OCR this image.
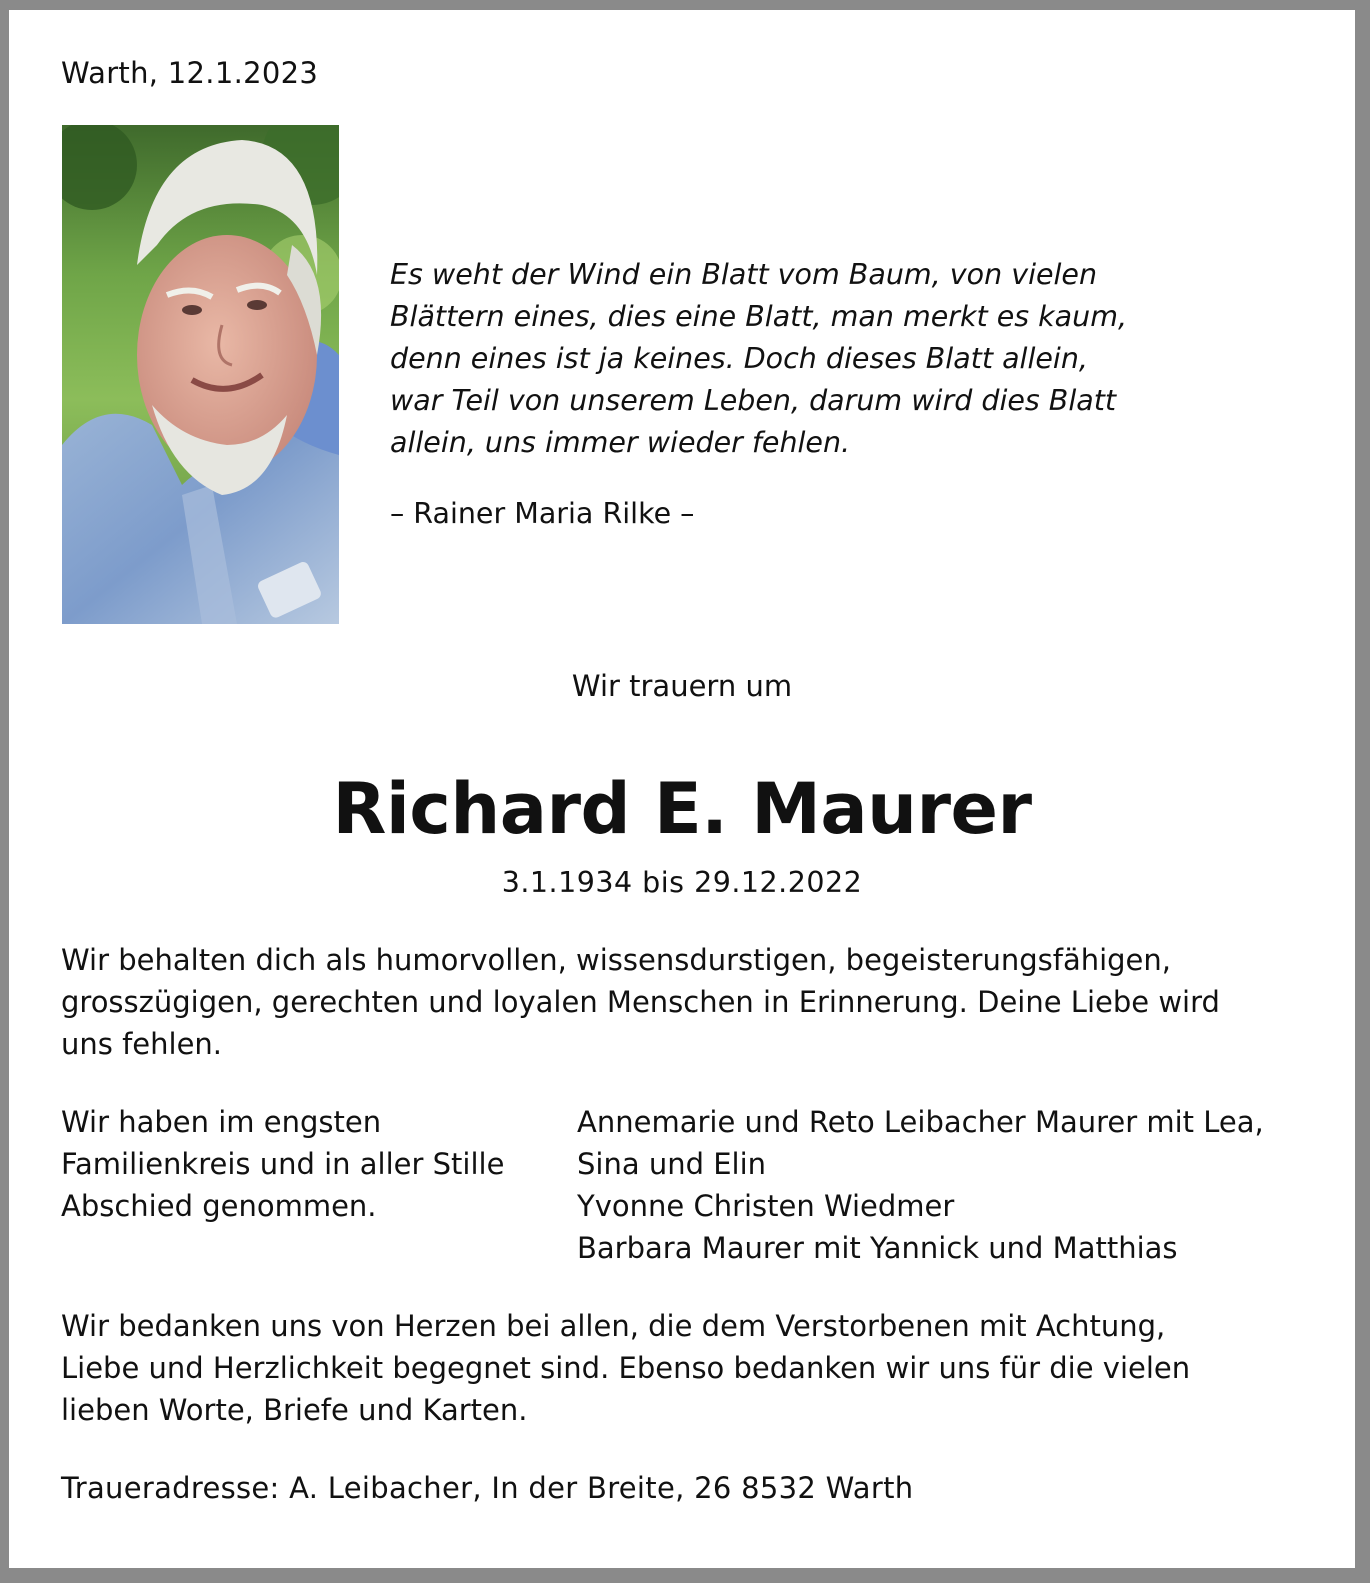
Warth, 12.1.2023

Es weht der Wind ein Blatt vom Baum, von vielen
Blättern eines, dies eine Blatt, man merkt es kaum,
denn eines ist ja keines. Doch dieses Blatt allein,
war Teil von unserem Leben, darum wird dies Blatt
allein, uns immer wieder fehlen.

– Rainer Maria Rilke –

Wir trauern um

Richard E. Maurer

3.1.1934 bis 29.12.2022

Wir behalten dich als humorvollen, wissensdurstigen, begeisterungsfähigen,
grosszügigen, gerechten und loyalen Menschen in Erinnerung. Deine Liebe wird
uns fehlen.

Wir haben im engsten
Familienkreis und in aller Stille
Abschied genommen.

Annemarie und Reto Leibacher Maurer mit Lea,
Sina und Elin
Yvonne Christen Wiedmer
Barbara Maurer mit Yannick und Matthias

Wir bedanken uns von Herzen bei allen, die dem Verstorbenen mit Achtung,
Liebe und Herzlichkeit begegnet sind. Ebenso bedanken wir uns für die vielen
lieben Worte, Briefe und Karten.

Traueradresse: A. Leibacher, In der Breite, 26 8532 Warth
